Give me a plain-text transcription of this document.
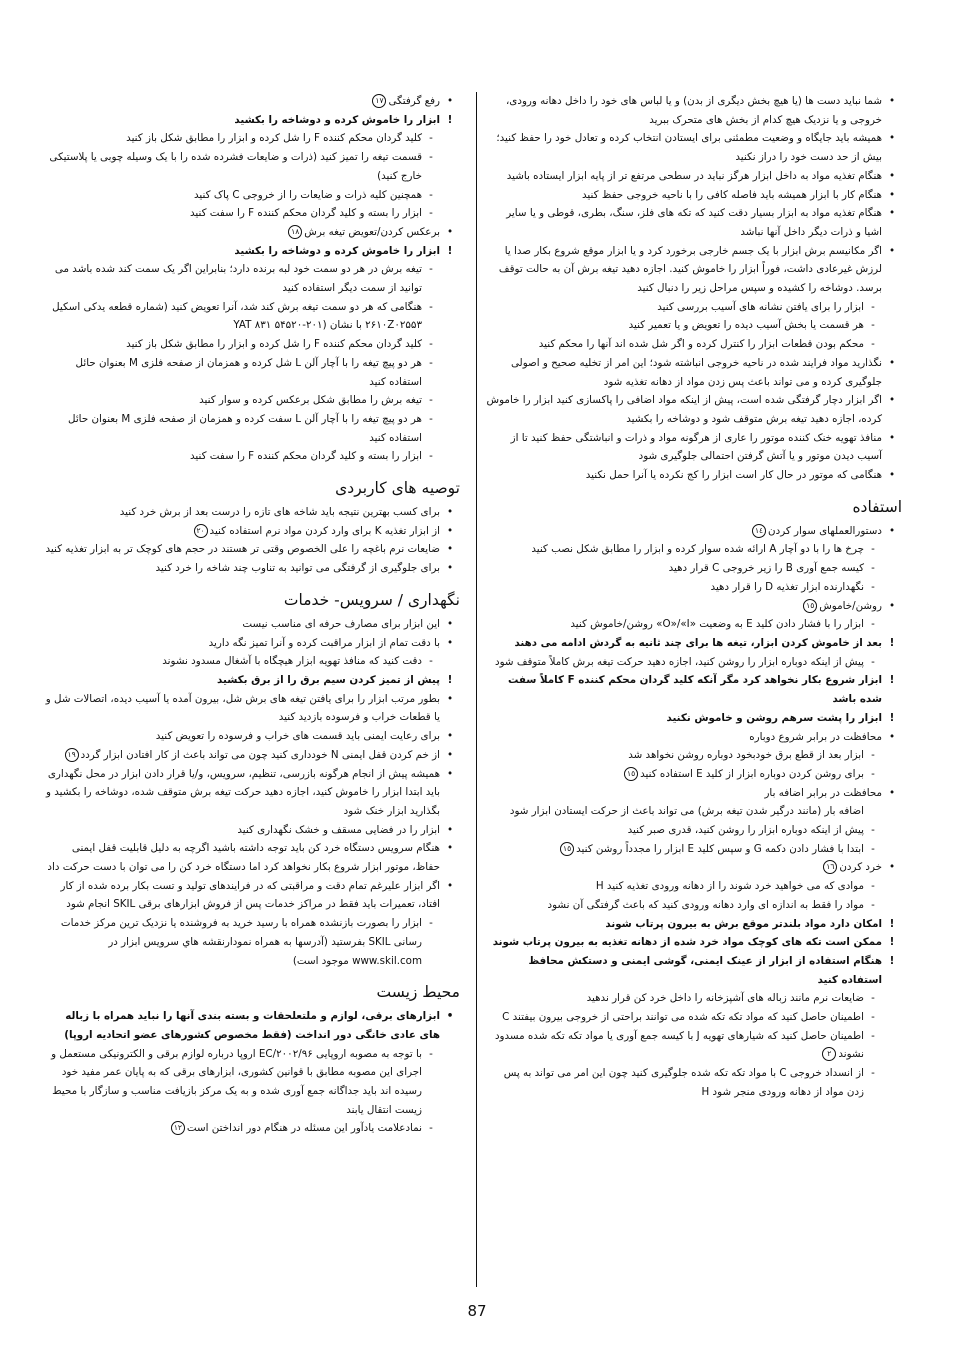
•
شما نباید دست ها (یا هیچ بخش دیگری از بدن) و یا لباس های خود را داخل دهانه ورودی، خروجی و یا نزدیک هیچ کدام از بخش های متحرک ببرید
•
همیشه باید جایگاه و وضعیت مطمئنی برای ایستادن انتخاب کرده و تعادل خود را حفظ کنید؛ بیش از حد دست خود را دراز نکنید
•
هنگام تغذیه مواد به داخل ابزار هرگز نباید در سطحی مرتفع تر از پایه ابزار ایستاده باشید
•
هنگام کار با ابزار همیشه باید فاصله کافی را با ناحیه خروجی حفظ کنید
•
هنگام تغذیه مواد به ابزار بسیار دقت کنید که تکه های فلز، سنگ، بطری، قوطی و یا سایر اشیا و ذرات دیگر داخل آنها نباشد
•
اگر مکانیسم برش ابزار با یک جسم خارجی برخورد کرد و یا ابزار موقع شروع بکار صدا یا لرزش غیرعادی داشت، فوراً ابزار را خاموش کنید. اجازه دهید تیغه برش آن به حالت توقف برسد. دوشاخه را کشیده و سپس مراحل زیر را دنبال کنید
-
ابزار را برای یافتن نشانه های آسیب بررسی کنید
-
هر قسمت یا بخش آسیب دیده را تعویض و یا تعمیر کنید
-
محکم بودن قطعات ابزار را کنترل کرده و اگر شل شده اند آنها را محکم کنید
•
نگذارید مواد فرایند شده در ناحیه خروجی انباشته شود؛ این امر از تخلیه صحیح و اصولی جلوگیری کرده و می تواند باعث پس زدن مواد از دهانه تغذیه شود
•
اگر ابزار دچار گرفتگی شده است، پیش از اینکه مواد اضافی را پاکسازی کنید ابزار را خاموش کرده، اجازه دهید تیغه برش متوقف شود و دوشاخه را بکشید
•
منافذ تهویه خنک کننده موتور را عاری از هرگونه مواد و ذرات و انباشتگی حفظ کنید تا از آسیب دیدن موتور و یا آتش گرفتن احتمالی جلوگیری شود
•
هنگامی که موتور در حال کار است ابزار را کج نکرده یا آنرا حمل نکنید
استفاده
•
دستورالعملهای سوار کردن١٤
-
چرخ ها را با دو آچار A ارائه شده سوار کرده و ابزار را مطابق شکل نصب کنید
-
کیسه جمع آوری B را زیر خروجی C قرار دهید
-
نگهدارنده ابزار تغذیه D را قرار دهید
•
روشن/خاموش١٥
-
ابزار را با فشار دادن کلید E به وضعیت «O»/«I» روشن/خاموش کنید
!
بعد از خاموش کردن ابزار، تیغه ها برای چند ثانیه به گردش ادامه می دهند
-
پیش از اینکه دوباره ابزار را روشن کنید، اجازه دهید حرکت تیغه برش کاملاً متوقف شود
!
ابزار شروع بکار نخواهد کرد مگر آنکه کلید گردان محکم کننده F کاملاً سفت شده باشد
!
ابزار را پشت سرهم روشن و خاموش نکنید
•
محافظت در برابر شروع دوباره
-
ابزار بعد از قطع برق خودبخود دوباره روشن نخواهد شد
-
برای روشن کردن دوباره ابزار از کلید E استفاده کنید١٥
•
محافظت در برابر اضافه بار
اضافه بار (مانند درگیر شدن تیغه برش) می تواند باعث از حرکت ایستادن ابزار شود
-
پیش از اینکه دوباره ابزار را روشن کنید، قدری صبر کنید
-
ابتدا با فشار دادن دکمه G و سپس کلید E ابزار را مجدداً روشن کنید١٥
•
خرد کردن١٦
-
موادی که می خواهید خرد شوند را از دهانه ورودی تغذیه کنید H
-
مواد را فقط به اندازه ای وارد دهانه ورودی کنید که باعث گرفتگی آن نشود
!
امکان دارد مواد بلندتر موقع برش به بیرون پرتاب شوند
!
ممکن است تکه های کوچک مواد خرد شده از دهانه تغذیه به بیرون پرتاب شوند
!
هنگام استفاده از ابزار از عینک ایمنی، گوشی ایمنی و دستکش محافظ استفاده کنید
-
ضایعات نرم مانند زباله های آشپزخانه را داخل خرد کن قرار ندهید
-
اطمینان حاصل کنید که مواد تکه تکه شده می توانند براحتی از خروجی بیرون بیفتند C
-
اطمینان حاصل کنید که شیارهای تهویه J با کیسه جمع آوری یا مواد تکه تکه شده مسدود نشوند٢
-
از انسداد خروجی C با مواد تکه تکه شده جلوگیری کنید چون این امر می تواند به پس زدن مواد از دهانه ورودی منجر شود H
•
رفع گرفتگی١٧
!
ابزار را خاموش کرده و دوشاخه را بکشید
-
کلید گردان محکم کننده F را شل کرده و ابزار را مطابق شکل باز کنید
-
قسمت تیغه را تمیز کنید (ذرات و ضایعات فشرده شده را با یک وسیله چوبی یا پلاستیکی خارج کنید)
-
همچنین کلیه ذرات و ضایعات را از خروجی C پاک کنید
-
ابزار را بسته و کلید گردان محکم کننده F را سفت کنید
•
برعکس کردن/تعویض تیغه برش١٨
!
ابزار را خاموش کرده و دوشاخه را بکشید
-
تیغه برش در هر دو سمت خود لبه برنده دارد؛ بنابراین اگر یک سمت کند شده باشد می توانید از سمت دیگر استفاده کنید
-
هنگامی که هر دو سمت تیغه برش کند شد، آنرا تعویض کنید (شماره قطعه یدکی اسکیل ۲۶۱۰Z۰۲۵۵۳ با نشان (۲۰۱-۵۴۵۲۰ ۸۳۱ YAT
-
کلید گردان محکم کننده F را شل کرده و ابزار را مطابق شکل باز کنید
-
هر دو پیچ تیغه را با آچار آلن L شل کرده و همزمان از صفحه فلزی M بعنوان حائل استفاده کنید
-
تیغه برش را مطابق شکل برعکس کرده و سوار کنید
-
هر دو پیچ تیغه را با آچار آلن L سفت کرده و همزمان از صفحه فلزی M بعنوان حائل استفاده کنید
-
ابزار را بسته و کلید گردان محکم کننده F را سفت کنید
توصیه های کاربردی
•
برای کسب بهترین نتیجه باید شاخه های تازه را درست بعد از برش خرد کنید
•
از ابزار تغذیه K برای وارد کردن مواد نرم استفاده کنید٢٠
•
ضایعات نرم باغچه را علی الخصوص وقتی تر هستند در حجم های کوچک تر به ابزار تغذیه کنید
•
برای جلوگیری از گرفتگی می توانید به تناوب چند شاخه را خرد کنید
نگهداری / سرویس- خدمات
•
این ابزار برای مصارف حرفه ای مناسب نیست
•
با دقت تمام از ابزار مراقبت کرده و آنرا تمیز نگه دارید
-
دقت کنید که منافذ تهویه ابزار هیچگاه با آشغال مسدود نشوند
!
پیش از تمیز کردن سیم برق را از برق بکشید
•
بطور مرتب ابزار را برای یافتن تیغه های برش شل، بیرون آمده یا آسیب دیده، اتصالات شل و یا قطعات خراب و فرسوده بازدید کنید
•
برای رعایت ایمنی باید قسمت های خراب و فرسوده را تعویض کنید
•
از خم کردن قفل ایمنی N خودداری کنید چون می تواند باعث از کار افتادن ابزار گردد١٩
•
همیشه پیش از انجام هرگونه بازرسی، تنظیم، سرویس، و/یا قرار دادن ابزار در محل نگهداری باید ابتدا ابزار را خاموش کنید، اجازه دهید حرکت تیغه برش متوقف شده، دوشاخه را بکشید و بگذارید ابزار خنک شود
•
ابزار را در فضایی مسقف و خشک نگهداری کنید
•
هنگام سرویس دستگاه خرد کن باید توجه داشته باشید اگرچه به دلیل قابلیت قفل ایمنی حفاظ، موتور ابزار شروع بکار نخواهد کرد اما دستگاه خرد کن را می توان با دست حرکت داد
•
اگر ابزار علیرغم تمام دقت و مراقبتی که در فرایندهای تولید و تست بکار برده شده از کار افتاد، تعمیرات باید فقط در مراکز خدمات پس از فروش ابزارهای برقی SKIL انجام شود
-
ابزار را بصورت بازنشده همراه با رسید خرید به فروشنده یا نزدیک ترین مرکز خدمات رسانی SKIL بفرستید (آدرسها به همراه نمودارنقشه هاي سرويس ابزار در www.skil.com موجود است)
محیط زیست
•
ابزارهای برقی، لوازم و ملتعلحقات و بسته بندی آنها را نباید همراه با زباله های عادی خانگی دور انداخت (فقط مخصوص کشورهای عضو اتحادیه اروپا)
-
با توجه به مصوبه اروپایی ۲۰۰۲/۹۶/EC اروپا درباره لوازم برقی و الکترونیکی مستعمل و اجرای این مصوبه مطابق با قوانین کشوری، ابزارهای برقی که به پایان عمر مفید خود رسیده اند باید جداگانه جمع آوری شده و به یک مرکز بازیافت مناسب و سازگار با محیط زیست انتقال یابند
-
نمادعلامت یادآور این مسئله در هنگام دور انداختن است١٢
87
